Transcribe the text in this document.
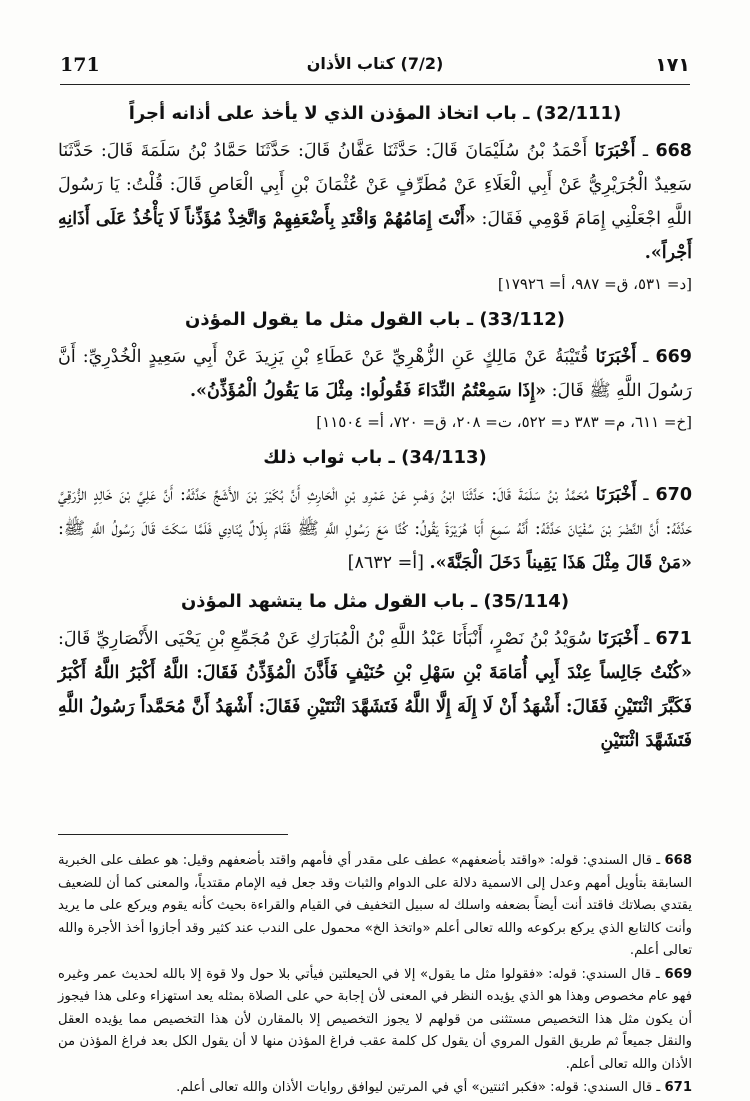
171	(7/2) كتاب الأذان	١٧١
(32/111) ـ باب اتخاذ المؤذن الذي لا يأخذ على أذانه أجراً

668 ـ أَخْبَرَنَا أَحْمَدُ بْنُ سُلَيْمَانَ قَالَ: حَدَّثَنَا عَفَّانُ قَالَ: حَدَّثَنَا حَمَّادُ بْنُ سَلَمَةَ قَالَ: حَدَّثَنَا سَعِيدٌ الْجُرَيْرِيُّ عَنْ أَبِي الْعَلَاءِ عَنْ مُطَرِّفٍ عَنْ عُثْمَانَ بْنِ أَبِي الْعَاصِ قَالَ: قُلْتُ: يَا رَسُولَ اللَّهِ اجْعَلْنِي إِمَامَ قَوْمِي فَقَالَ: «أَنْتَ إِمَامُهُمْ وَاقْتَدِ بِأَضْعَفِهِمْ وَاتَّخِذْ مُؤَذِّناً لَا يَأْخُذُ عَلَى أَذَانِهِ أَجْراً».

[د= ٥٣١، ق= ٩٨٧، أ= ١٧٩٢٦]

(33/112) ـ باب القول مثل ما يقول المؤذن

669 ـ أَخْبَرَنَا قُتَيْبَةُ عَنْ مَالِكٍ عَنِ الزُّهْرِيِّ عَنْ عَطَاءِ بْنِ يَزِيدَ عَنْ أَبِي سَعِيدٍ الْخُدْرِيِّ: أَنَّ رَسُولَ اللَّهِ ﷺ قَالَ: «إِذَا سَمِعْتُمُ النِّدَاءَ فَقُولُوا: مِثْلَ مَا يَقُولُ الْمُؤَذِّنُ».

[خ= ٦١١، م= ٣٨٣ د= ٥٢٢، ت= ٢٠٨، ق= ٧٢٠، أ= ١١٥٠٤]

(34/113) ـ باب ثواب ذلك

670 ـ أَخْبَرَنَا مُحَمَّدُ بْنُ سَلَمَةَ قَالَ: حَدَّثَنَا ابْنُ وَهْبٍ عَنْ عَمْرِو بْنِ الْحَارِثِ أَنَّ بُكَيْرَ بْنَ الأَشَجِّ حَدَّثَهُ: أَنَّ عَلِيَّ بْنَ خَالِدٍ الزُّرَقِيَّ حَدَّثَهُ: أَنَّ النَّضْرَ بْنَ سُفْيَانَ حَدَّثَهُ: أَنَّهُ سَمِعَ أَبَا هُرَيْرَةَ يَقُولُ: كُنَّا مَعَ رَسُولِ اللَّهِ ﷺ فَقَامَ بِلَالٌ يُنَادِي فَلَمَّا سَكَتَ قَالَ رَسُولُ اللَّهِ ﷺ: «مَنْ قَالَ مِثْلَ هَذَا يَقِيناً دَخَلَ الْجَنَّةَ». [أ= ٨٦٣٢]

(35/114) ـ باب القول مثل ما يتشهد المؤذن

671 ـ أَخْبَرَنَا سُوَيْدُ بْنُ نَصْرٍ، أَنْبَأَنَا عَبْدُ اللَّهِ بْنُ الْمُبَارَكِ عَنْ مُجَمِّعِ بْنِ يَحْيَى الأَنْصَارِيِّ قَالَ: «كُنْتُ جَالِساً عِنْدَ أَبِي أُمَامَةَ بْنِ سَهْلِ بْنِ حُنَيْفٍ فَأَذَّنَ الْمُؤَذِّنُ فَقَالَ: اللَّهُ أَكْبَرُ اللَّهُ أَكْبَرُ فَكَبَّرَ اثْنَتَيْنِ فَقَالَ: أَشْهَدُ أَنْ لَا إِلَهَ إِلَّا اللَّهُ فَتَشَهَّدَ اثْنَتَيْنِ فَقَالَ: أَشْهَدُ أَنَّ مُحَمَّداً رَسُولُ اللَّهِ فَتَشَهَّدَ اثْنَتَيْنِ

668 ـ قال السندي: قوله: «واقتد بأضعفهم» عطف على مقدر أي فأمهم واقتد بأضعفهم وقيل: هو عطف على الخبرية السابقة بتأويل أمهم وعدل إلى الاسمية دلالة على الدوام والثبات وقد جعل فيه الإمام مقتدياً، والمعنى كما أن للضعيف يقتدي بصلاتك فاقتد أنت أيضاً بضعفه واسلك له سبيل التخفيف في القيام والقراءة بحيث كأنه يقوم ويركع على ما يريد وأنت كالتابع الذي يركع بركوعه والله تعالى أعلم «واتخذ الخ» محمول على الندب عند كثير وقد أجازوا أخذ الأجرة والله تعالى أعلم.

669 ـ قال السندي: قوله: «فقولوا مثل ما يقول» إلا في الحيعلتين فيأتي بلا حول ولا قوة إلا بالله لحديث عمر وغيره فهو عام مخصوص وهذا هو الذي يؤيده النظر في المعنى لأن إجابة حي على الصلاة بمثله يعد استهزاء وعلى هذا فيجوز أن يكون مثل هذا التخصيص مستثنى من قولهم لا يجوز التخصيص إلا بالمقارن لأن هذا التخصيص مما يؤيده العقل والنقل جميعاً ثم طريق القول المروي أن يقول كل كلمة عقب فراغ المؤذن منها لا أن يقول الكل بعد فراغ المؤذن من الأذان والله تعالى أعلم.

671 ـ قال السندي: قوله: «فكبر اثنتين» أي في المرتين ليوافق روايات الأذان والله تعالى أعلم.
